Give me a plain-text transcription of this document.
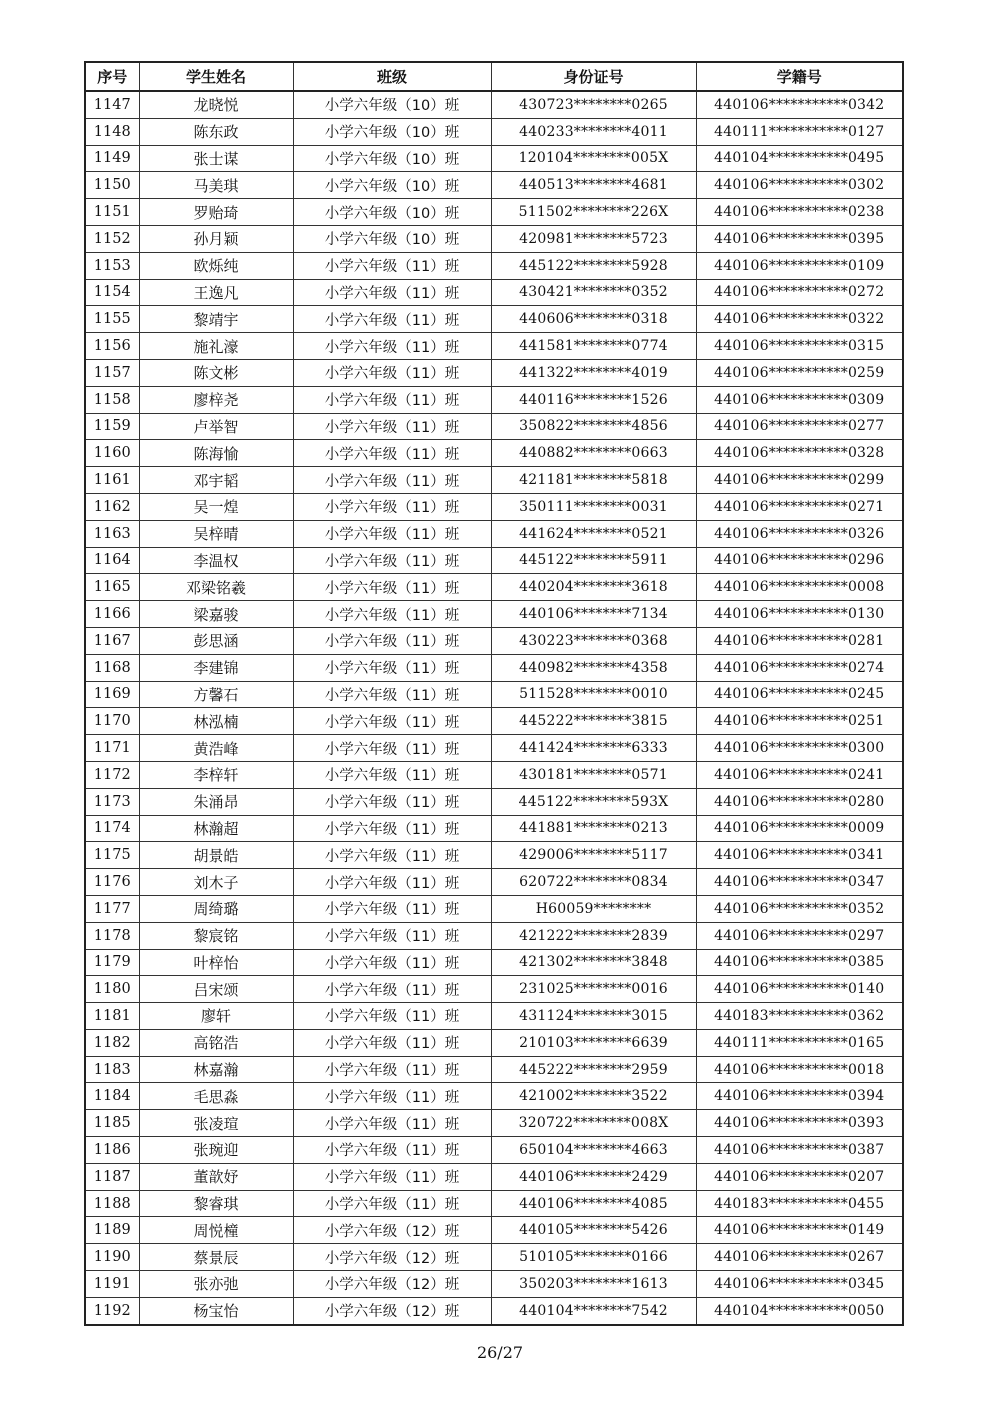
序号	学生姓名	班级	身份证号	学籍号
1147	龙晓悦	小学六年级（10）班	430723********0265	440106***********0342
1148	陈东政	小学六年级（10）班	440233********4011	440111***********0127
1149	张士谋	小学六年级（10）班	120104********005X	440104***********0495
1150	马美琪	小学六年级（10）班	440513********4681	440106***********0302
1151	罗贻琦	小学六年级（10）班	511502********226X	440106***********0238
1152	孙月颖	小学六年级（10）班	420981********5723	440106***********0395
1153	欧烁纯	小学六年级（11）班	445122********5928	440106***********0109
1154	王逸凡	小学六年级（11）班	430421********0352	440106***********0272
1155	黎靖宇	小学六年级（11）班	440606********0318	440106***********0322
1156	施礼濠	小学六年级（11）班	441581********0774	440106***********0315
1157	陈文彬	小学六年级（11）班	441322********4019	440106***********0259
1158	廖梓尧	小学六年级（11）班	440116********1526	440106***********0309
1159	卢举智	小学六年级（11）班	350822********4856	440106***********0277
1160	陈海愉	小学六年级（11）班	440882********0663	440106***********0328
1161	邓宇韬	小学六年级（11）班	421181********5818	440106***********0299
1162	吴一煌	小学六年级（11）班	350111********0031	440106***********0271
1163	吴梓晴	小学六年级（11）班	441624********0521	440106***********0326
1164	李温权	小学六年级（11）班	445122********5911	440106***********0296
1165	邓梁铭羲	小学六年级（11）班	440204********3618	440106***********0008
1166	梁嘉骏	小学六年级（11）班	440106********7134	440106***********0130
1167	彭思涵	小学六年级（11）班	430223********0368	440106***********0281
1168	李建锦	小学六年级（11）班	440982********4358	440106***********0274
1169	方馨石	小学六年级（11）班	511528********0010	440106***********0245
1170	林泓楠	小学六年级（11）班	445222********3815	440106***********0251
1171	黄浩峰	小学六年级（11）班	441424********6333	440106***********0300
1172	李梓轩	小学六年级（11）班	430181********0571	440106***********0241
1173	朱涌昂	小学六年级（11）班	445122********593X	440106***********0280
1174	林瀚超	小学六年级（11）班	441881********0213	440106***********0009
1175	胡景皓	小学六年级（11）班	429006********5117	440106***********0341
1176	刘木子	小学六年级（11）班	620722********0834	440106***********0347
1177	周绮璐	小学六年级（11）班	H60059********	440106***********0352
1178	黎宸铭	小学六年级（11）班	421222********2839	440106***********0297
1179	叶梓怡	小学六年级（11）班	421302********3848	440106***********0385
1180	吕宋颂	小学六年级（11）班	231025********0016	440106***********0140
1181	廖轩	小学六年级（11）班	431124********3015	440183***********0362
1182	高铭浩	小学六年级（11）班	210103********6639	440111***********0165
1183	林嘉瀚	小学六年级（11）班	445222********2959	440106***********0018
1184	毛思淼	小学六年级（11）班	421002********3522	440106***********0394
1185	张凌瑄	小学六年级（11）班	320722********008X	440106***********0393
1186	张琬迎	小学六年级（11）班	650104********4663	440106***********0387
1187	董歆妤	小学六年级（11）班	440106********2429	440106***********0207
1188	黎睿琪	小学六年级（11）班	440106********4085	440183***********0455
1189	周悦橦	小学六年级（12）班	440105********5426	440106***********0149
1190	蔡景辰	小学六年级（12）班	510105********0166	440106***********0267
1191	张亦弛	小学六年级（12）班	350203********1613	440106***********0345
1192	杨宝怡	小学六年级（12）班	440104********7542	440104***********0050
26/27
